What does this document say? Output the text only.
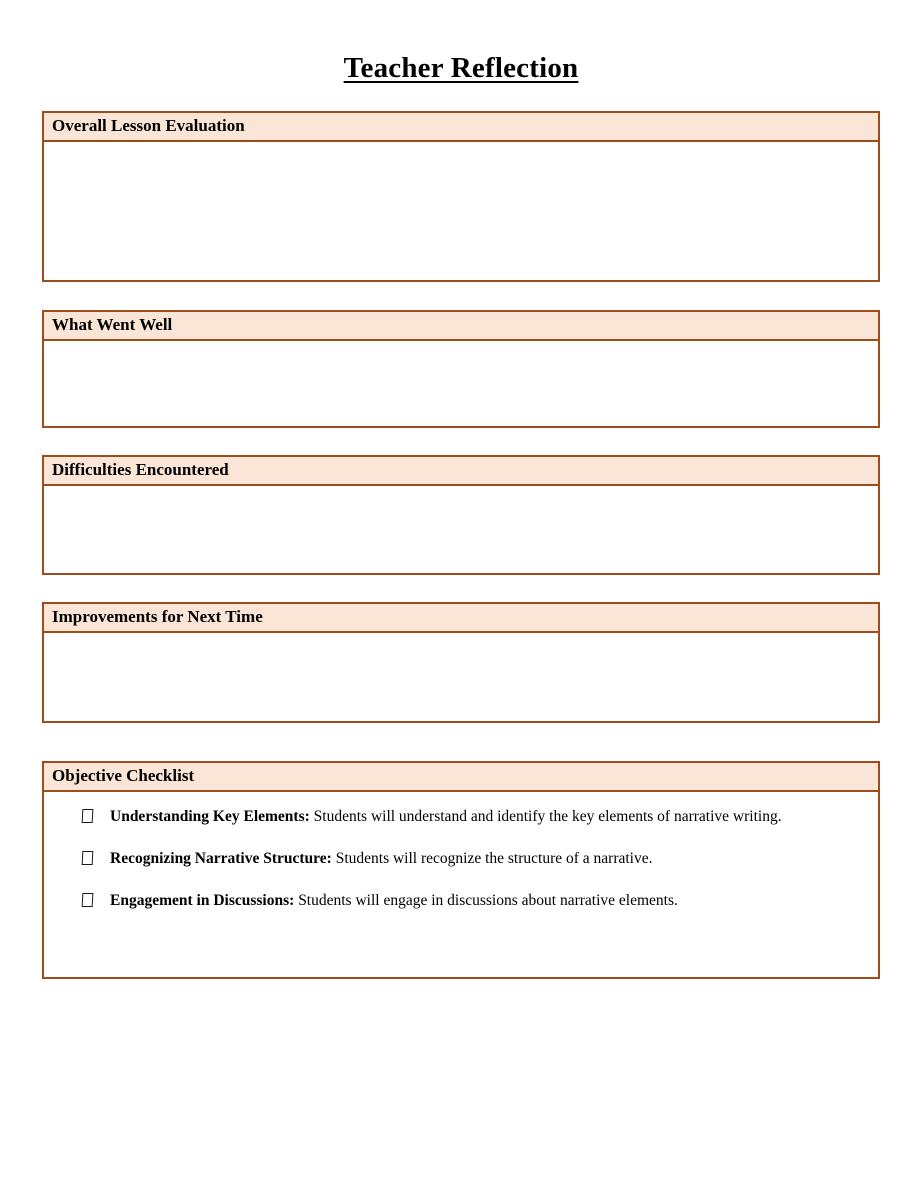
Teacher Reflection
Overall Lesson Evaluation
What Went Well
Difficulties Encountered
Improvements for Next Time
Objective Checklist
Understanding Key Elements: Students will understand and identify the key elements of narrative writing.
Recognizing Narrative Structure: Students will recognize the structure of a narrative.
Engagement in Discussions: Students will engage in discussions about narrative elements.
